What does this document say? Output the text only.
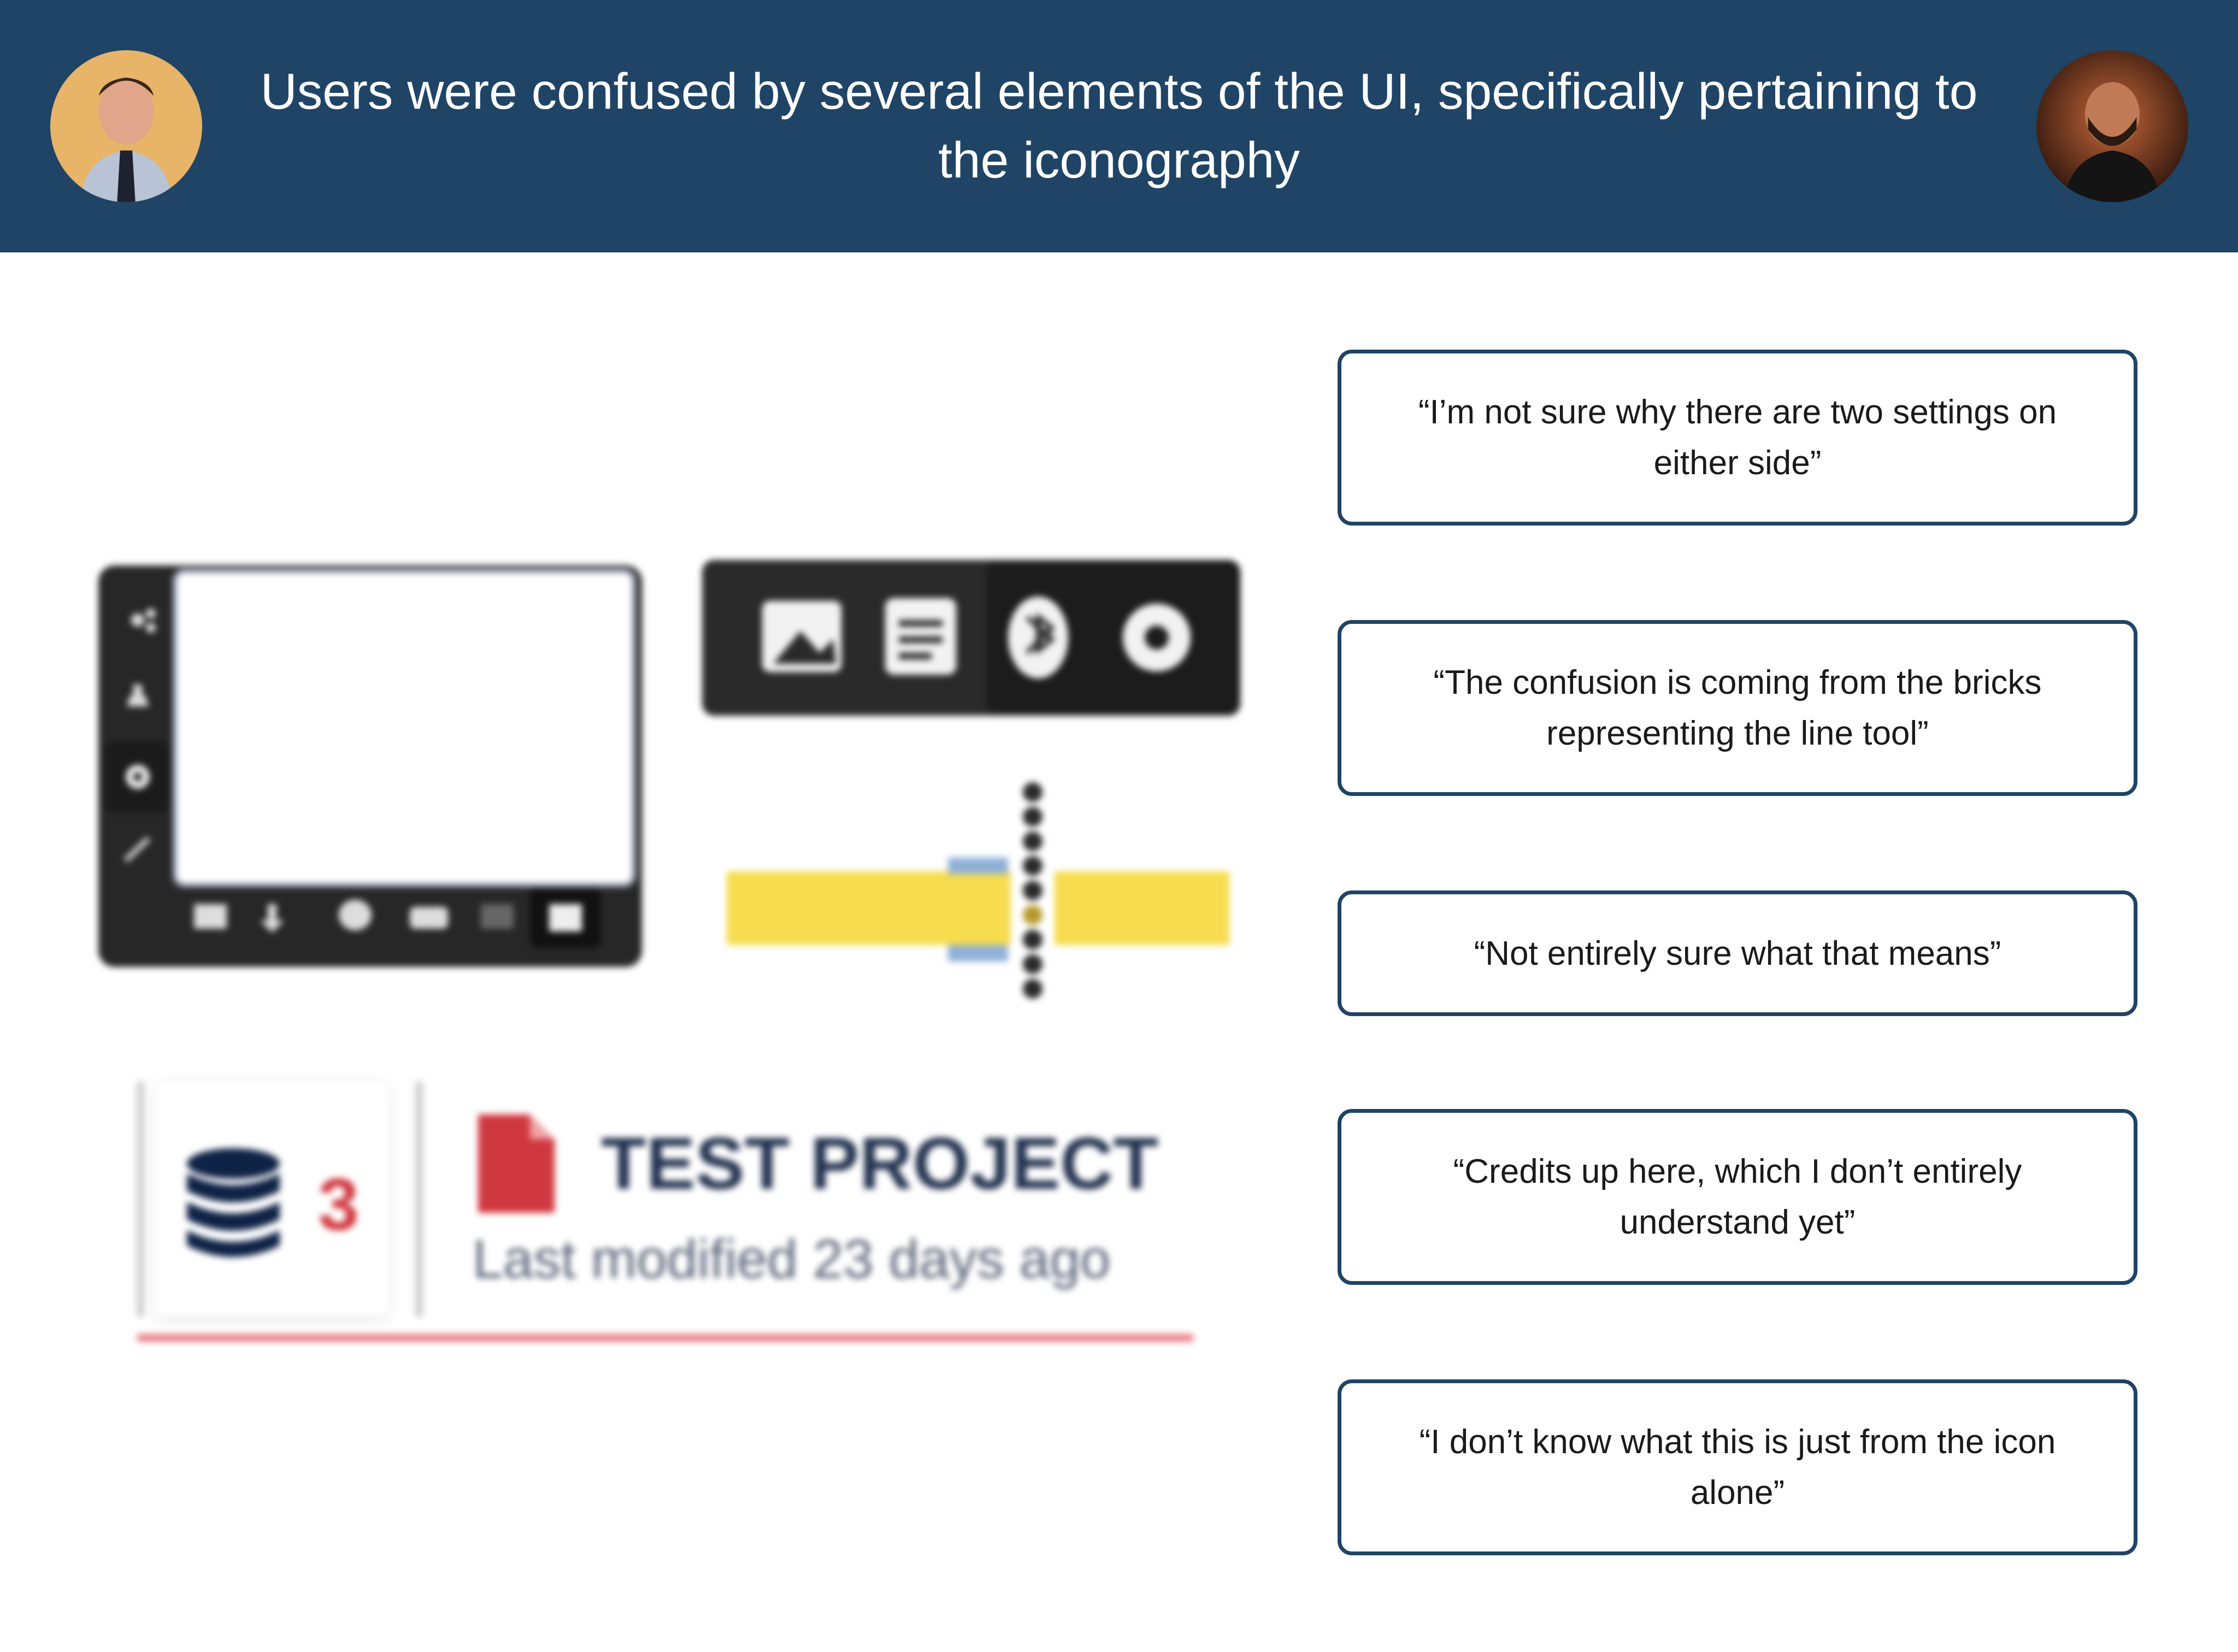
Users were confused by several elements of the UI, specifically pertaining to the iconography
3	TEST PROJECT
Last modified 23 days ago
“I’m not sure why there are two settings on either side”
“The confusion is coming from the bricks representing the line tool”
“Not entirely sure what that means”
“Credits up here, which I don’t entirely understand yet”
“I don’t know what this is just from the icon alone”
